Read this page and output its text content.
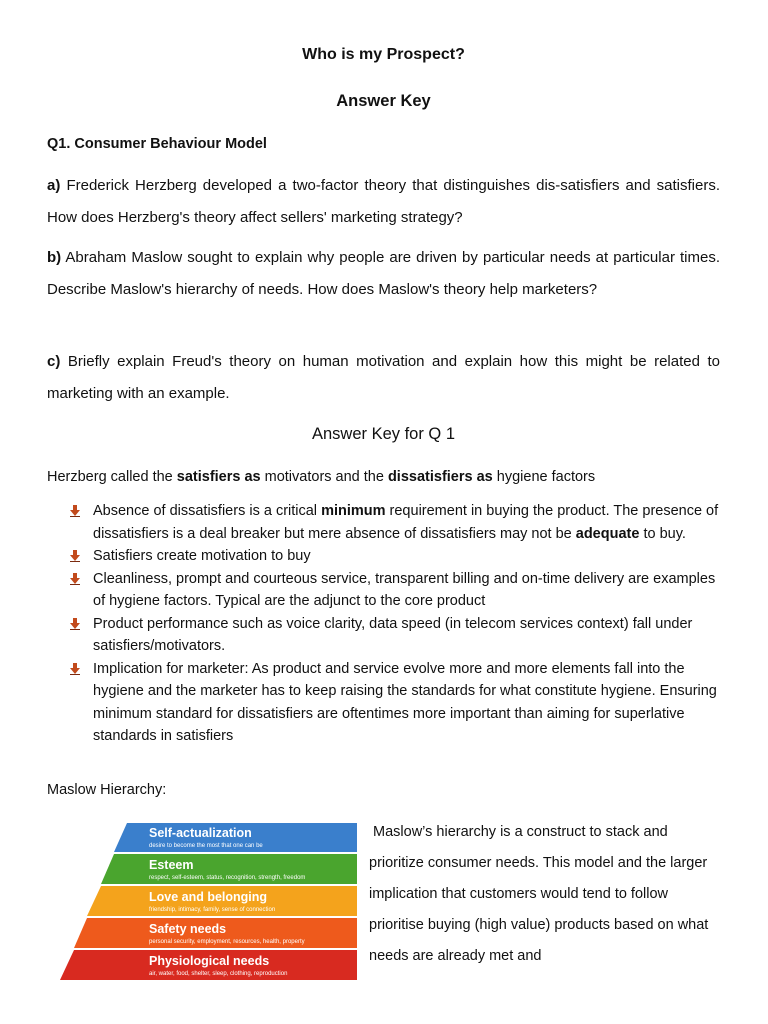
Who is my Prospect?
Answer Key
Q1. Consumer Behaviour Model
a) Frederick Herzberg developed a two-factor theory that distinguishes dis-satisfiers and satisfiers. How does Herzberg's theory affect sellers' marketing strategy?
b) Abraham Maslow sought to explain why people are driven by particular needs at particular times. Describe Maslow's hierarchy of needs. How does Maslow's theory help marketers?
c) Briefly explain Freud's theory on human motivation and explain how this might be related to marketing with an example.
Answer Key for Q 1
Herzberg called the satisfiers as motivators and the dissatisfiers as hygiene factors
Absence of dissatisfiers is a critical minimum requirement in buying the product. The presence of dissatisfiers is a deal breaker but mere absence of dissatisfiers may not be adequate to buy.
Satisfiers create motivation to buy
Cleanliness, prompt and courteous service, transparent billing and on-time delivery are examples of hygiene factors. Typical are the adjunct to the core product
Product performance such as voice clarity, data speed (in telecom services context) fall under satisfiers/motivators.
Implication for marketer: As product and service evolve more and more elements fall into the hygiene and the marketer has to keep raising the standards for what constitute hygiene. Ensuring minimum standard for dissatisfiers are oftentimes more important than aiming for superlative standards in satisfiers
Maslow Hierarchy:
Self-actualization
desire to become the most that one can be
Esteem
respect, self-esteem, status, recognition, strength, freedom
Love and belonging
friendship, intimacy, family, sense of connection
Safety needs
personal security, employment, resources, health, property
Physiological needs
air, water, food, shelter, sleep, clothing, reproduction
Maslow’s hierarchy is a construct to stack and prioritize consumer needs. This model and the larger implication that customers would tend to follow prioritise buying (high value) products based on what needs are already met and
